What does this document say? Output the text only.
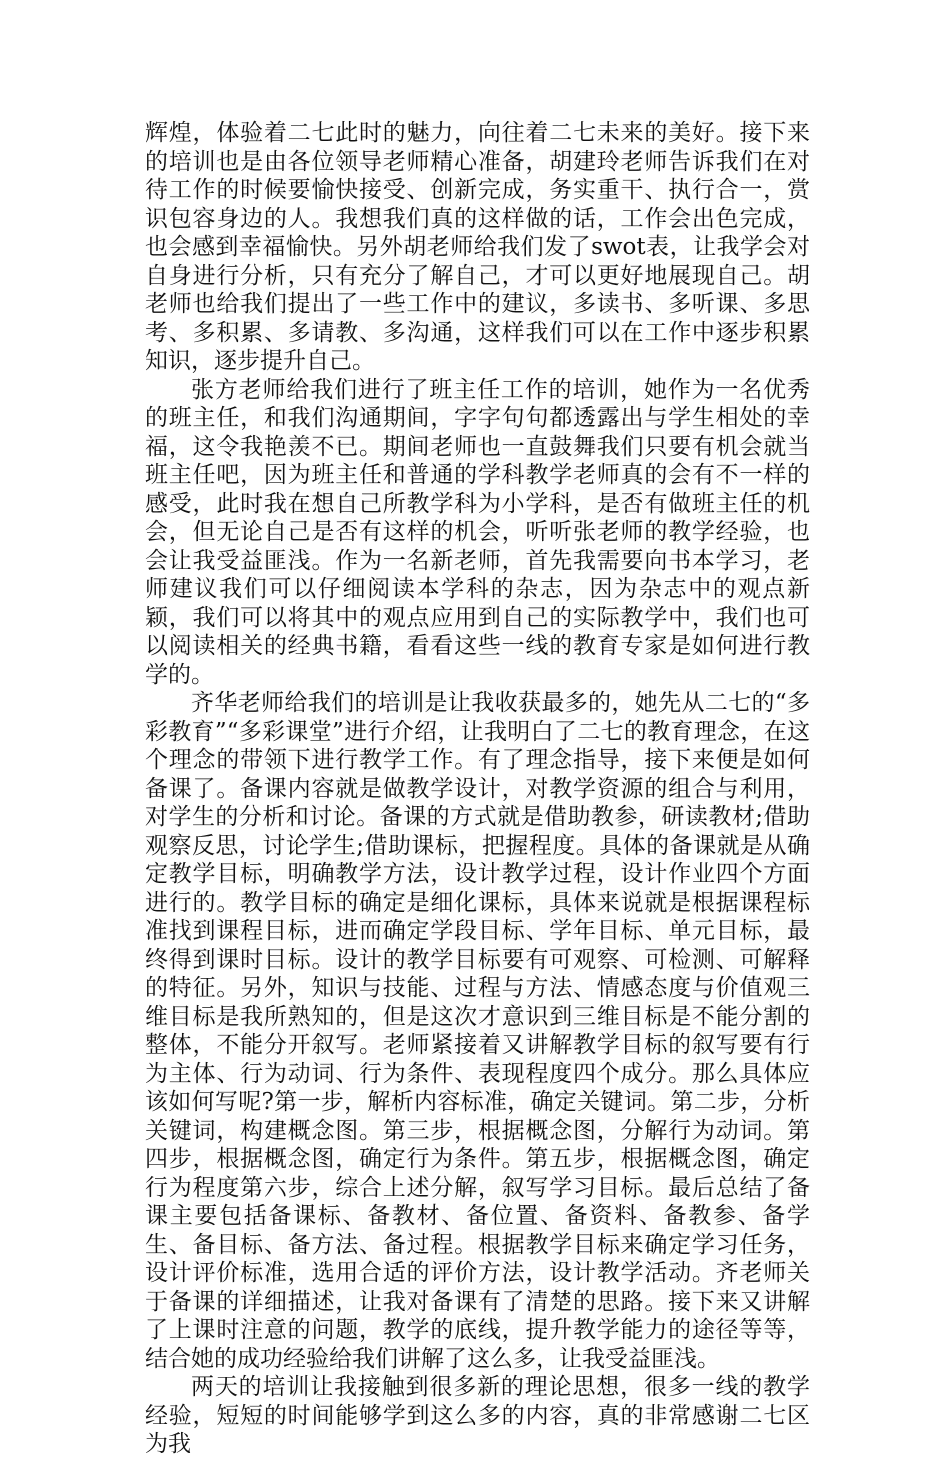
辉煌，体验着二七此时的魅力，向往着二七未来的美好。接下来的培训也是由各位领导老师精心准备，胡建玲老师告诉我们在对待工作的时候要愉快接受、创新完成，务实重干、执行合一，赏识包容身边的人。我想我们真的这样做的话，工作会出色完成，也会感到幸福愉快。另外胡老师给我们发了swot表，让我学会对自身进行分析，只有充分了解自己，才可以更好地展现自己。胡老师也给我们提出了一些工作中的建议，多读书、多听课、多思考、多积累、多请教、多沟通，这样我们可以在工作中逐步积累知识，逐步提升自己。

张方老师给我们进行了班主任工作的培训，她作为一名优秀的班主任，和我们沟通期间，字字句句都透露出与学生相处的幸福，这令我艳羡不已。期间老师也一直鼓舞我们只要有机会就当班主任吧，因为班主任和普通的学科教学老师真的会有不一样的感受，此时我在想自己所教学科为小学科，是否有做班主任的机会，但无论自己是否有这样的机会，听听张老师的教学经验，也会让我受益匪浅。作为一名新老师，首先我需要向书本学习，老师建议我们可以仔细阅读本学科的杂志，因为杂志中的观点新颖，我们可以将其中的观点应用到自己的实际教学中，我们也可以阅读相关的经典书籍，看看这些一线的教育专家是如何进行教学的。

齐华老师给我们的培训是让我收获最多的，她先从二七的“多彩教育”“多彩课堂”进行介绍，让我明白了二七的教育理念，在这个理念的带领下进行教学工作。有了理念指导，接下来便是如何备课了。备课内容就是做教学设计，对教学资源的组合与利用，对学生的分析和讨论。备课的方式就是借助教参，研读教材;借助观察反思，讨论学生;借助课标，把握程度。具体的备课就是从确定教学目标，明确教学方法，设计教学过程，设计作业四个方面进行的。教学目标的确定是细化课标，具体来说就是根据课程标准找到课程目标，进而确定学段目标、学年目标、单元目标，最终得到课时目标。设计的教学目标要有可观察、可检测、可解释的特征。另外，知识与技能、过程与方法、情感态度与价值观三维目标是我所熟知的，但是这次才意识到三维目标是不能分割的整体，不能分开叙写。老师紧接着又讲解教学目标的叙写要有行为主体、行为动词、行为条件、表现程度四个成分。那么具体应该如何写呢?第一步，解析内容标准，确定关键词。第二步，分析关键词，构建概念图。第三步，根据概念图，分解行为动词。第四步，根据概念图，确定行为条件。第五步，根据概念图，确定行为程度第六步，综合上述分解，叙写学习目标。最后总结了备课主要包括备课标、备教材、备位置、备资料、备教参、备学生、备目标、备方法、备过程。根据教学目标来确定学习任务，设计评价标准，选用合适的评价方法，设计教学活动。齐老师关于备课的详细描述，让我对备课有了清楚的思路。接下来又讲解了上课时注意的问题，教学的底线，提升教学能力的途径等等，结合她的成功经验给我们讲解了这么多，让我受益匪浅。

两天的培训让我接触到很多新的理论思想，很多一线的教学经验，短短的时间能够学到这么多的内容，真的非常感谢二七区为我
